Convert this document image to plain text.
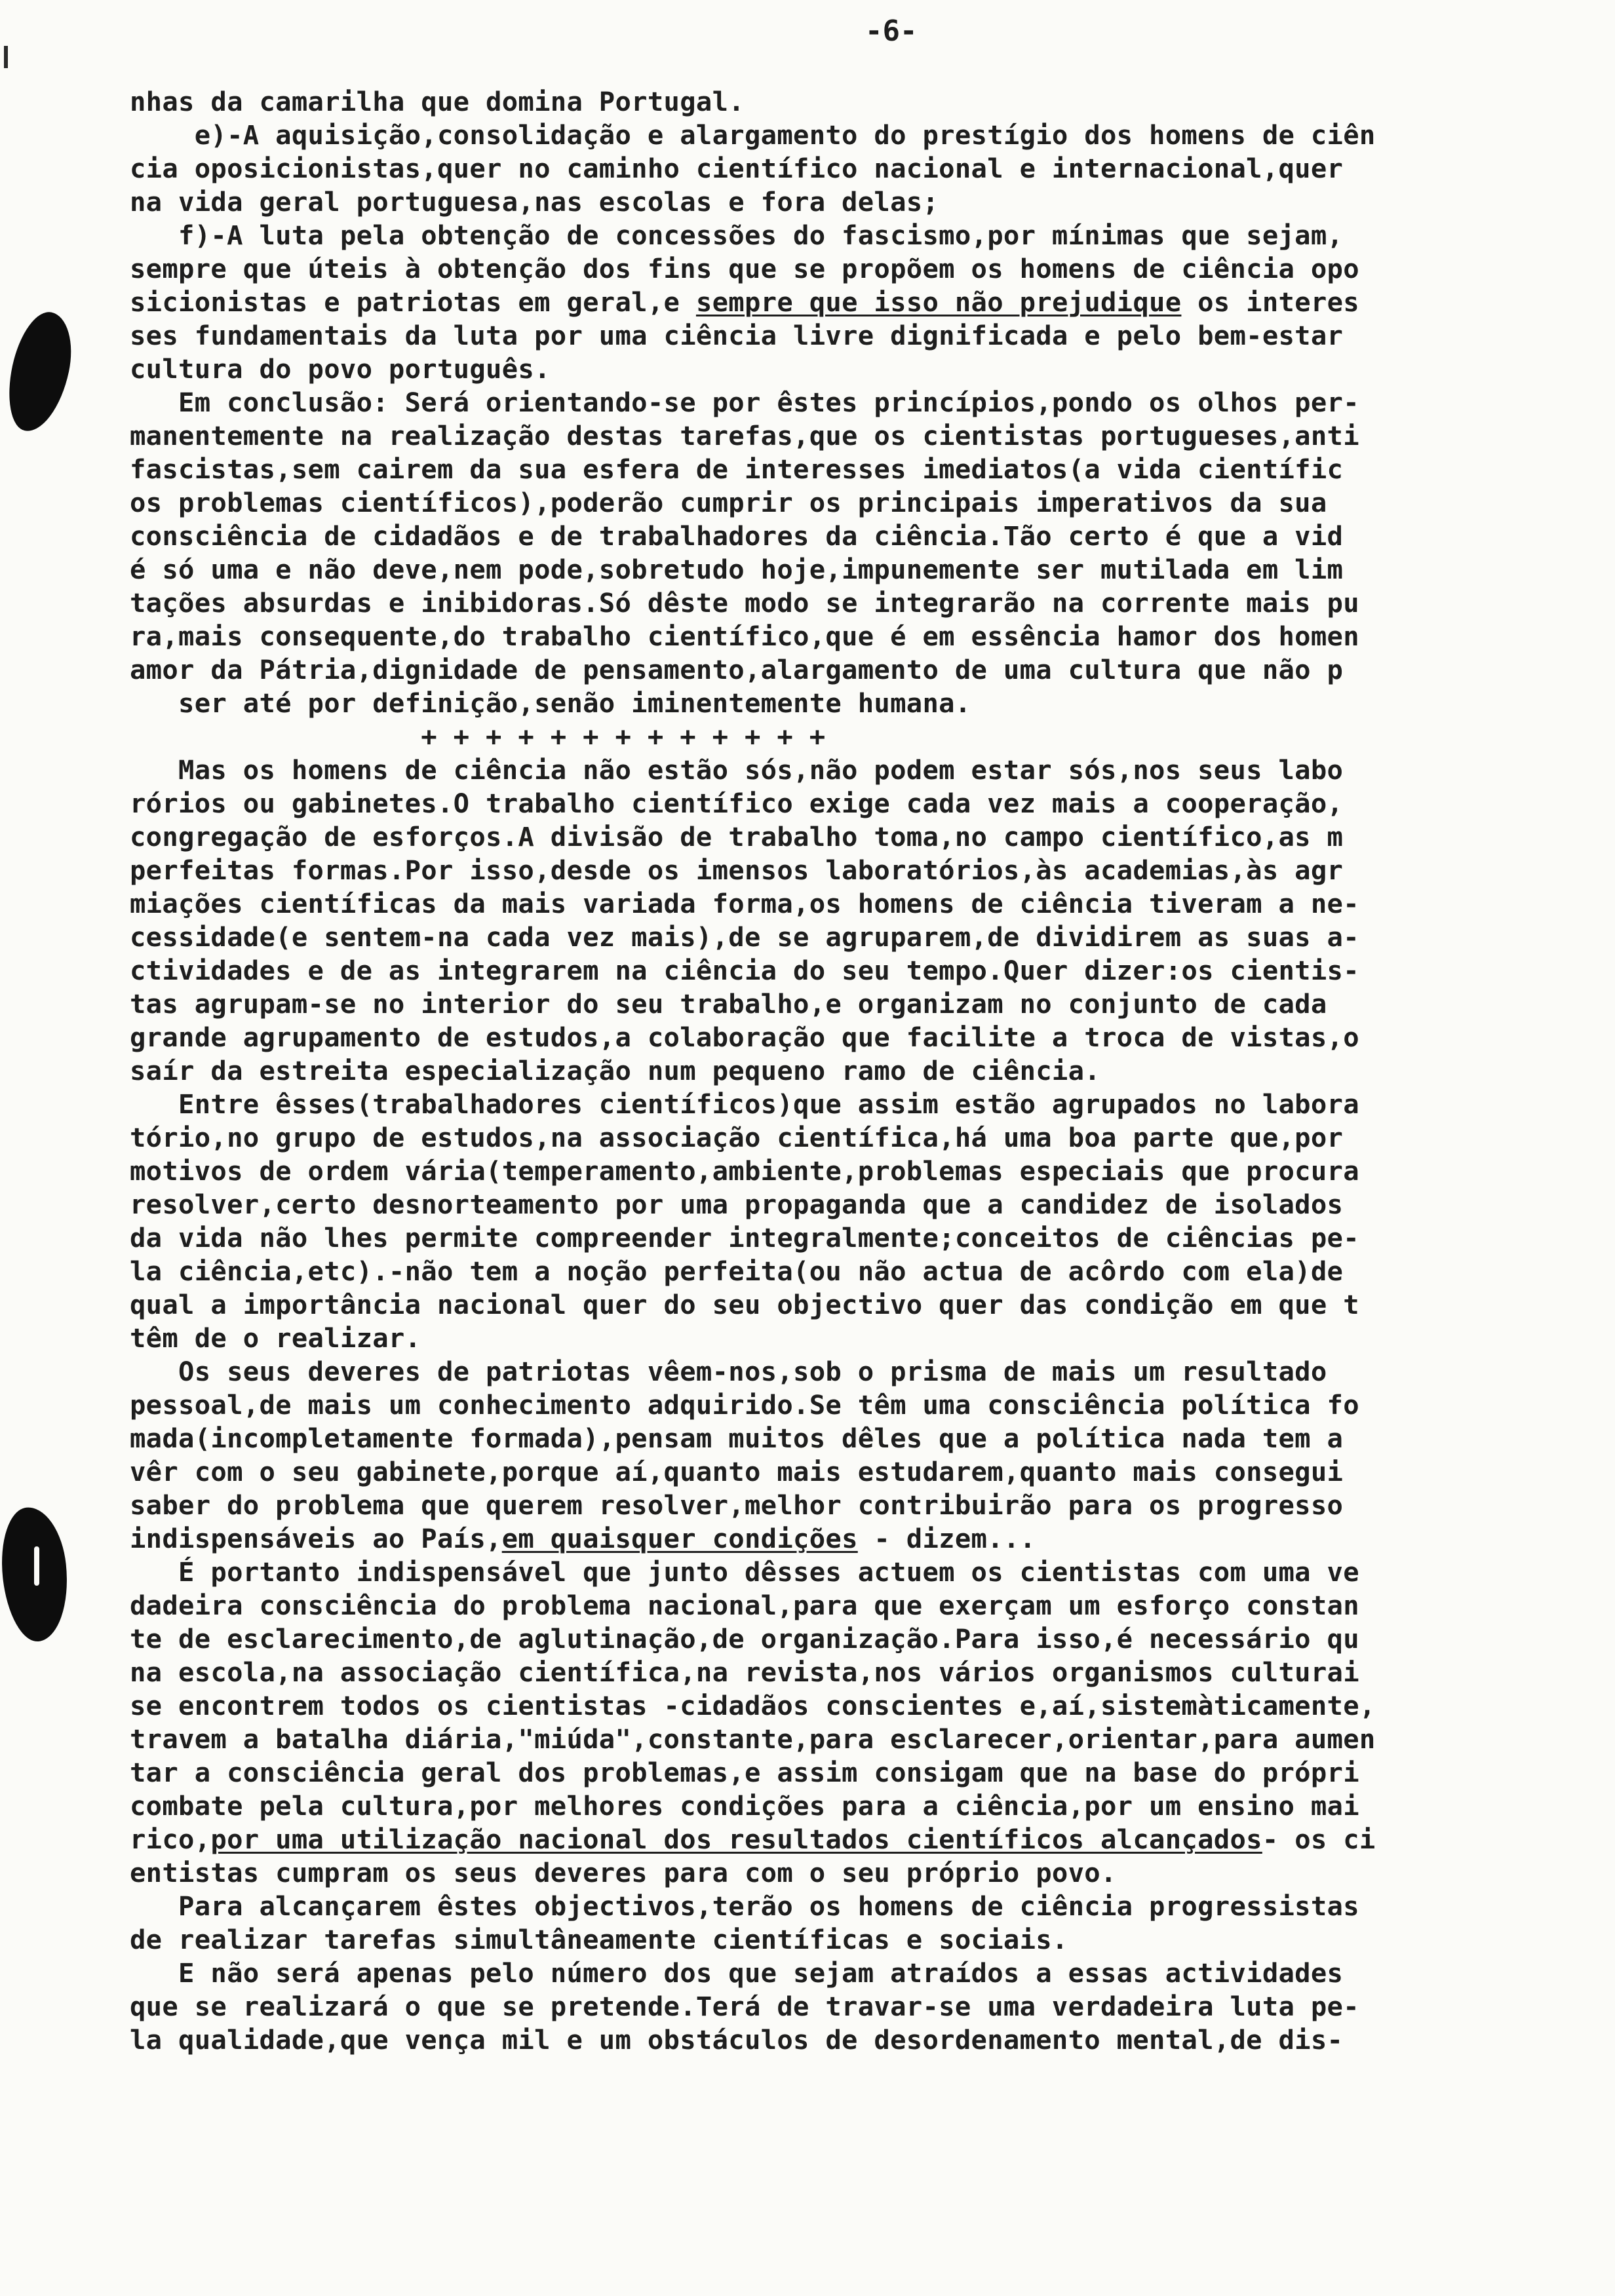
-6-
nhas da camarilha que domina Portugal.
e)-A aquisição,consolidação e alargamento do prestígio dos homens de ciên
cia oposicionistas,quer no caminho científico nacional e internacional,quer
na vida geral portuguesa,nas escolas e fora delas;
f)-A luta pela obtenção de concessões do fascismo,por mínimas que sejam,
sempre que úteis à obtenção dos fins que se propõem os homens de ciência opo
sicionistas e patriotas em geral,e sempre que isso não prejudique os interes
ses fundamentais da luta por uma ciência livre dignificada e pelo bem-estar
cultura do povo português.
Em conclusão: Será orientando-se por êstes princípios,pondo os olhos per-
manentemente na realização destas tarefas,que os cientistas portugueses,anti
fascistas,sem cairem da sua esfera de interesses imediatos(a vida científic
os problemas científicos),poderão cumprir os principais imperativos da sua
consciência de cidadãos e de trabalhadores da ciência.Tão certo é que a vid
é só uma e não deve,nem pode,sobretudo hoje,impunemente ser mutilada em lim
tações absurdas e inibidoras.Só dêste modo se integrarão na corrente mais pu
ra,mais consequente,do trabalho científico,que é em essência hamor dos homen
amor da Pátria,dignidade de pensamento,alargamento de uma cultura que não p
ser até por definição,senão iminentemente humana.
+ + + + + + + + + + + + +
Mas os homens de ciência não estão sós,não podem estar sós,nos seus labo
rórios ou gabinetes.O trabalho científico exige cada vez mais a cooperação,
congregação de esforços.A divisão de trabalho toma,no campo científico,as m
perfeitas formas.Por isso,desde os imensos laboratórios,às academias,às agr
miações científicas da mais variada forma,os homens de ciência tiveram a ne-
cessidade(e sentem-na cada vez mais),de se agruparem,de dividirem as suas a-
ctividades e de as integrarem na ciência do seu tempo.Quer dizer:os cientis-
tas agrupam-se no interior do seu trabalho,e organizam no conjunto de cada
grande agrupamento de estudos,a colaboração que facilite a troca de vistas,o
saír da estreita especialização num pequeno ramo de ciência.
Entre êsses(trabalhadores científicos)que assim estão agrupados no labora
tório,no grupo de estudos,na associação científica,há uma boa parte que,por
motivos de ordem vária(temperamento,ambiente,problemas especiais que procura
resolver,certo desnorteamento por uma propaganda que a candidez de isolados
da vida não lhes permite compreender integralmente;conceitos de ciências pe-
la ciência,etc).-não tem a noção perfeita(ou não actua de acôrdo com ela)de
qual a importância nacional quer do seu objectivo quer das condição em que t
têm de o realizar.
Os seus deveres de patriotas vêem-nos,sob o prisma de mais um resultado
pessoal,de mais um conhecimento adquirido.Se têm uma consciência política fo
mada(incompletamente formada),pensam muitos dêles que a política nada tem a
vêr com o seu gabinete,porque aí,quanto mais estudarem,quanto mais consegui
saber do problema que querem resolver,melhor contribuirão para os progresso
indispensáveis ao País,em quaisquer condições - dizem...
É portanto indispensável que junto dêsses actuem os cientistas com uma ve
dadeira consciência do problema nacional,para que exerçam um esforço constan
te de esclarecimento,de aglutinação,de organização.Para isso,é necessário qu
na escola,na associação científica,na revista,nos vários organismos culturai
se encontrem todos os cientistas -cidadãos conscientes e,aí,sistemàticamente,
travem a batalha diária,"miúda",constante,para esclarecer,orientar,para aumen
tar a consciência geral dos problemas,e assim consigam que na base do própri
combate pela cultura,por melhores condições para a ciência,por um ensino mai
rico,por uma utilização nacional dos resultados científicos alcançados- os ci
entistas cumpram os seus deveres para com o seu próprio povo.
Para alcançarem êstes objectivos,terão os homens de ciência progressistas
de realizar tarefas simultâneamente científicas e sociais.
E não será apenas pelo número dos que sejam atraídos a essas actividades
que se realizará o que se pretende.Terá de travar-se uma verdadeira luta pe-
la qualidade,que vença mil e um obstáculos de desordenamento mental,de dis-
